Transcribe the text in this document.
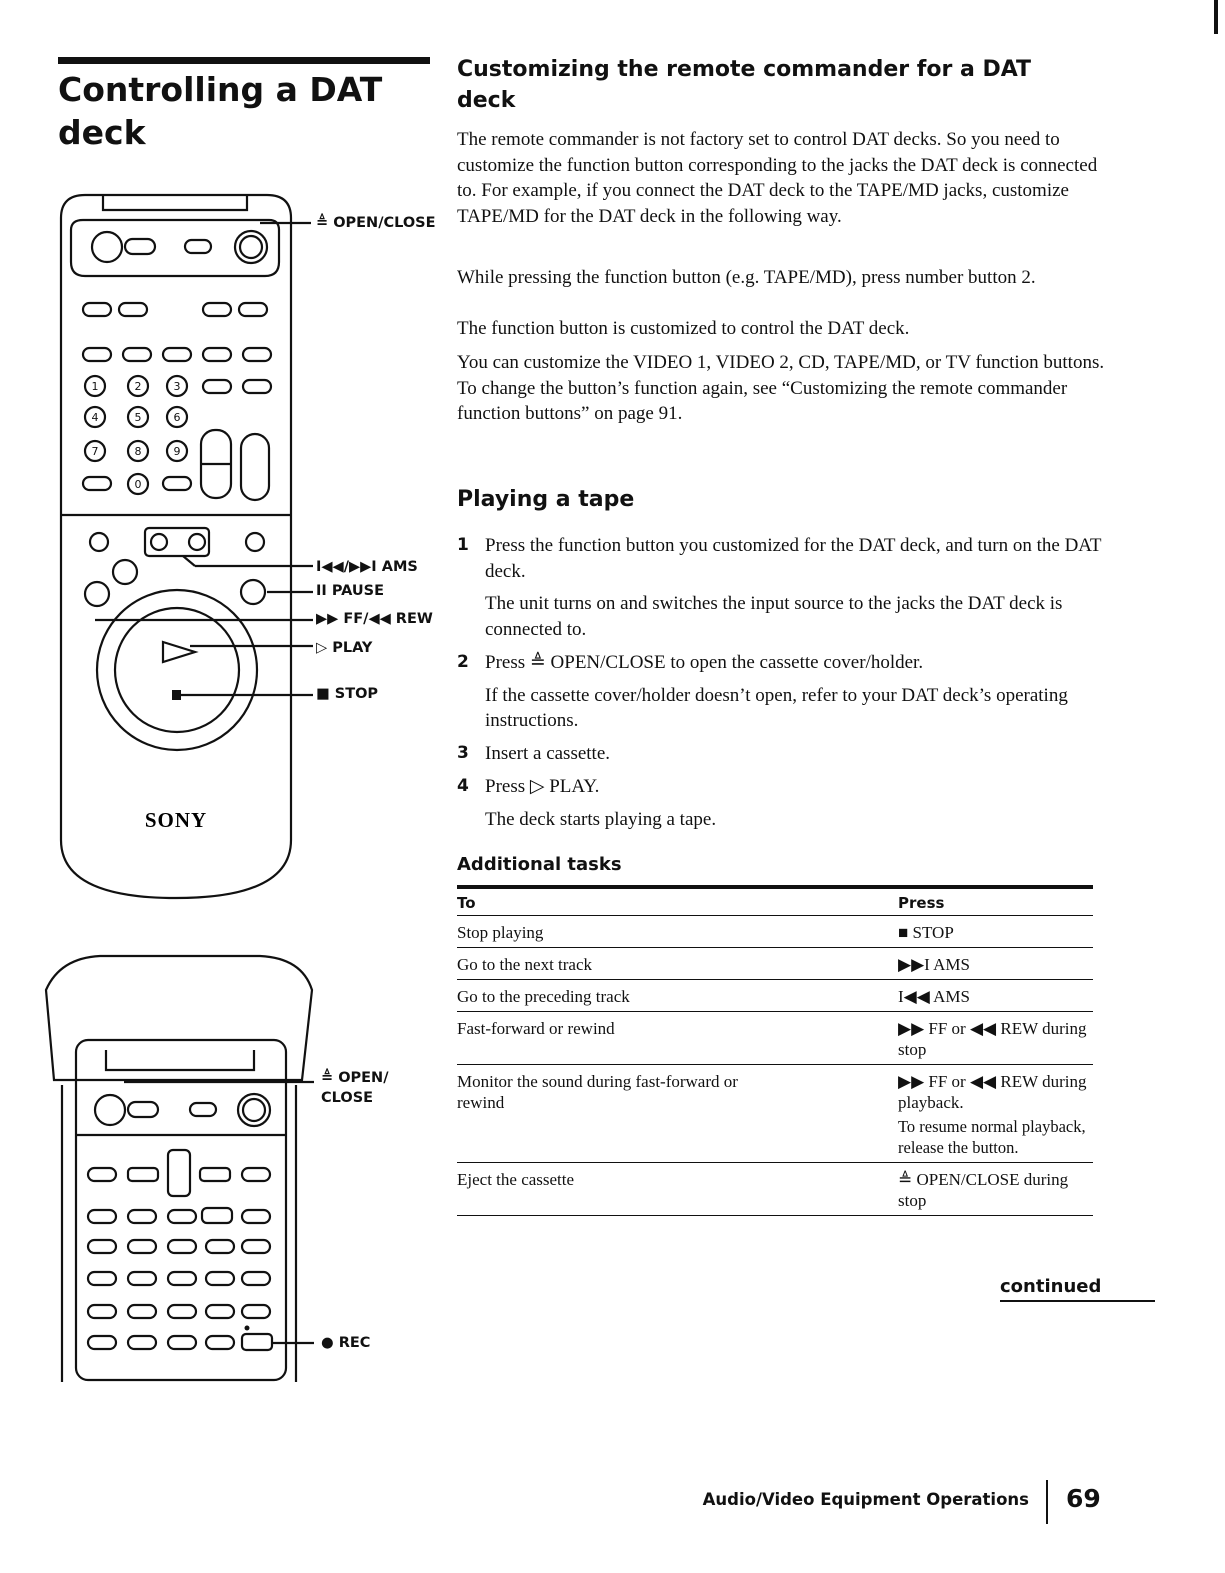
Controlling a DAT deck
1	2	3
4	5	6
7	8	9
0
SONY
≜ OPEN/CLOSE
I◀◀/▶▶I AMS
II PAUSE
▶▶ FF/◀◀ REW
▷ PLAY
■ STOP
≜ OPEN/
CLOSE
● REC
Customizing the remote commander for a DAT deck
The remote commander is not factory set to control DAT decks. So you need to customize the function button corresponding to the jacks the DAT deck is connected to. For example, if you connect the DAT deck to the TAPE/MD jacks, customize TAPE/MD for the DAT deck in the following way.
While pressing the function button (e.g. TAPE/MD), press number button 2.
The function button is customized to control the DAT deck.
You can customize the VIDEO 1, VIDEO 2, CD, TAPE/MD, or TV function buttons. To change the button’s function again, see “Customizing the remote commander function buttons” on page 91.
Playing a tape
1 Press the function button you customized for the DAT deck, and turn on the DAT deck.
The unit turns on and switches the input source to the jacks the DAT deck is connected to.
2 Press ≜ OPEN/CLOSE to open the cassette cover/holder.
If the cassette cover/holder doesn’t open, refer to your DAT deck’s operating instructions.
3 Insert a cassette.
4 Press ▷ PLAY.
The deck starts playing a tape.
Additional tasks
To	Press
Stop playing	■ STOP
Go to the next track	▶▶I AMS
Go to the preceding track	I◀◀ AMS
Fast-forward or rewind	▶▶ FF or ◀◀ REW during stop
Monitor the sound during fast-forward or rewind	▶▶ FF or ◀◀ REW during playback.
To resume normal playback, release the button.

Eject the cassette	≜ OPEN/CLOSE during stop
continued
Audio/Video Equipment Operations 69
